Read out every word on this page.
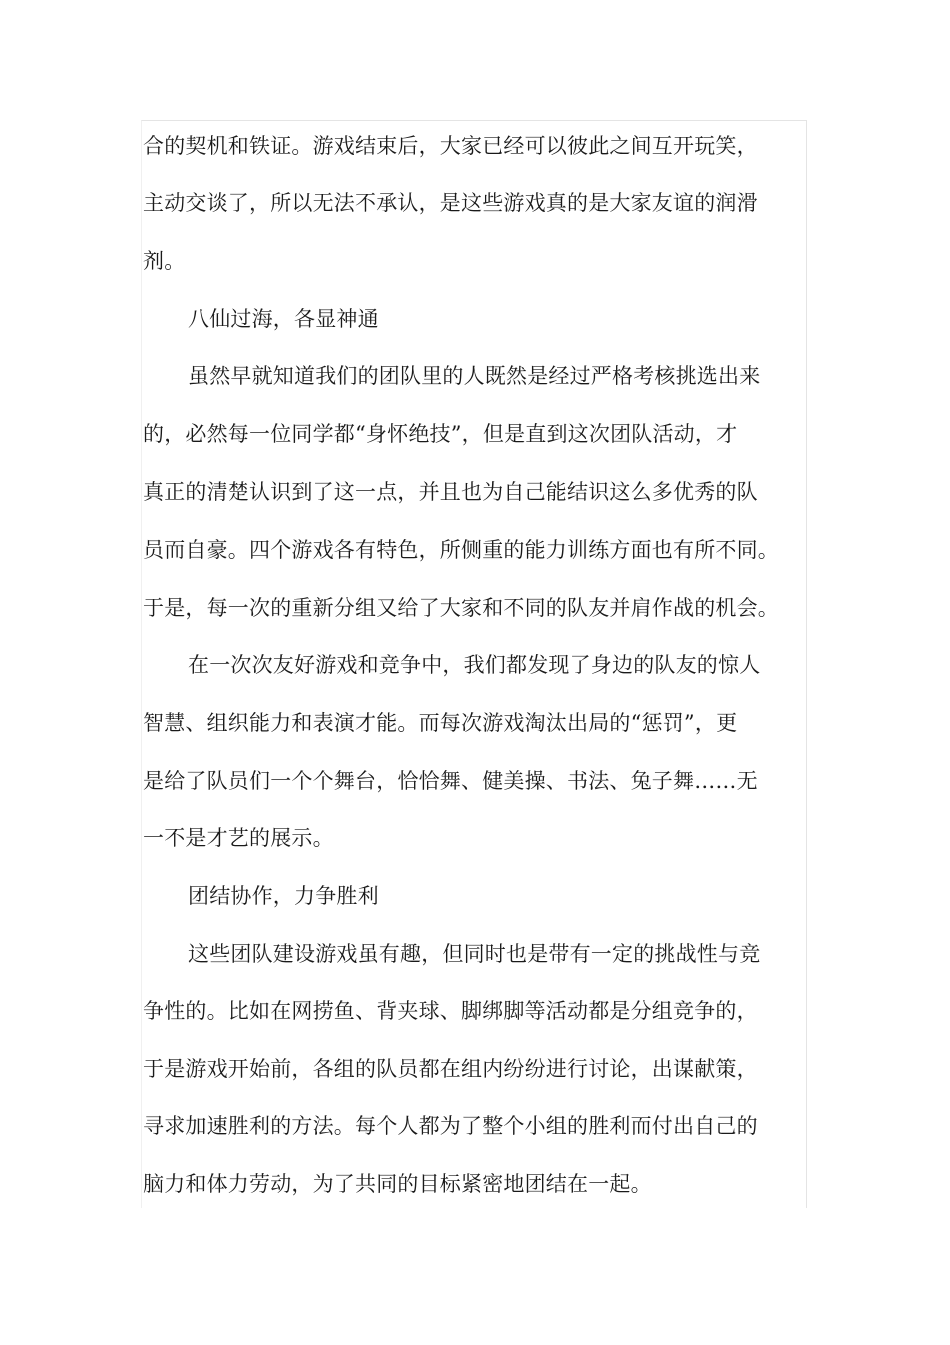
合的契机和铁证。游戏结束后，大家已经可以彼此之间互开玩笑，
主动交谈了，所以无法不承认，是这些游戏真的是大家友谊的润滑
剂。
八仙过海，各显神通
虽然早就知道我们的团队里的人既然是经过严格考核挑选出来
的，必然每一位同学都“身怀绝技”，但是直到这次团队活动，才
真正的清楚认识到了这一点，并且也为自己能结识这么多优秀的队
员而自豪。四个游戏各有特色，所侧重的能力训练方面也有所不同。
于是，每一次的重新分组又给了大家和不同的队友并肩作战的机会。
在一次次友好游戏和竞争中，我们都发现了身边的队友的惊人
智慧、组织能力和表演才能。而每次游戏淘汰出局的“惩罚”，更
是给了队员们一个个舞台，恰恰舞、健美操、书法、兔子舞……无
一不是才艺的展示。
团结协作，力争胜利
这些团队建设游戏虽有趣，但同时也是带有一定的挑战性与竞
争性的。比如在网捞鱼、背夹球、脚绑脚等活动都是分组竞争的，
于是游戏开始前，各组的队员都在组内纷纷进行讨论，出谋献策，
寻求加速胜利的方法。每个人都为了整个小组的胜利而付出自己的
脑力和体力劳动，为了共同的目标紧密地团结在一起。
